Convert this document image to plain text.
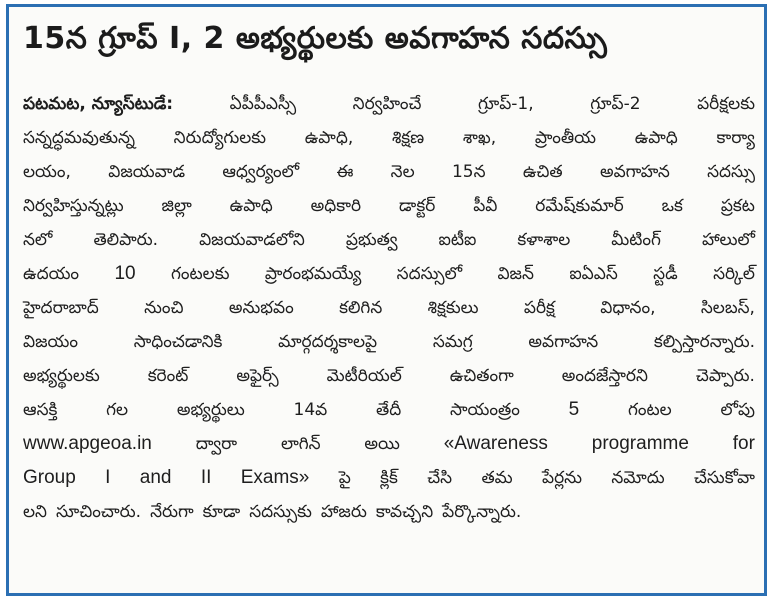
15న గ్రూప్ I, 2 అభ్యర్థులకు అవగాహన సదస్సు
పటమట, న్యూస్‌టుడే:	ఏపీపీఎస్సీ	నిర్వహించే	గ్రూప్-1,	గ్రూప్-2	పరీక్షలకు
సన్నద్ధమవుతున్న నిరుద్యోగులకు ఉపాధి, శిక్షణ శాఖ, ప్రాంతీయ ఉపాధి కార్యా
లయం, విజయవాడ ఆధ్వర్యంలో ఈ నెల 15న ఉచిత అవగాహన సదస్సు
నిర్వహిస్తున్నట్లు జిల్లా ఉపాధి అధికారి డాక్టర్ పీవీ రమేష్‌కుమార్ ఒక ప్రకట
నలో తెలిపారు. విజయవాడలోని ప్రభుత్వ ఐటీఐ కళాశాల మీటింగ్ హాలులో
ఉదయం 10 గంటలకు ప్రారంభమయ్యే సదస్సులో విజన్ ఐఏఎస్ స్టడీ సర్కిల్
హైదరాబాద్	నుంచి	అనుభవం	కలిగిన	శిక్షకులు	పరీక్ష	విధానం,	సిలబస్,
విజయం	సాధించడానికి	మార్గదర్శకాలపై	సమగ్ర	అవగాహన	కల్పిస్తారన్నారు.
అభ్యర్థులకు	కరెంట్	అఫైర్స్	మెటీరియల్	ఉచితంగా	అందజేస్తారని	చెప్పారు.
ఆసక్తి	గల	అభ్యర్థులు	14వ	తేదీ	సాయంత్రం	5	గంటల	లోపు
www.apgeoa.in	ద్వారా	లాగిన్	అయి «Awareness programme for
Group I and II Exams» పై క్లిక్ చేసి తమ పేర్లను నమోదు చేసుకోవా
లని సూచించారు. నేరుగా కూడా సదస్సుకు హాజరు కావచ్చని పేర్కొన్నారు.
